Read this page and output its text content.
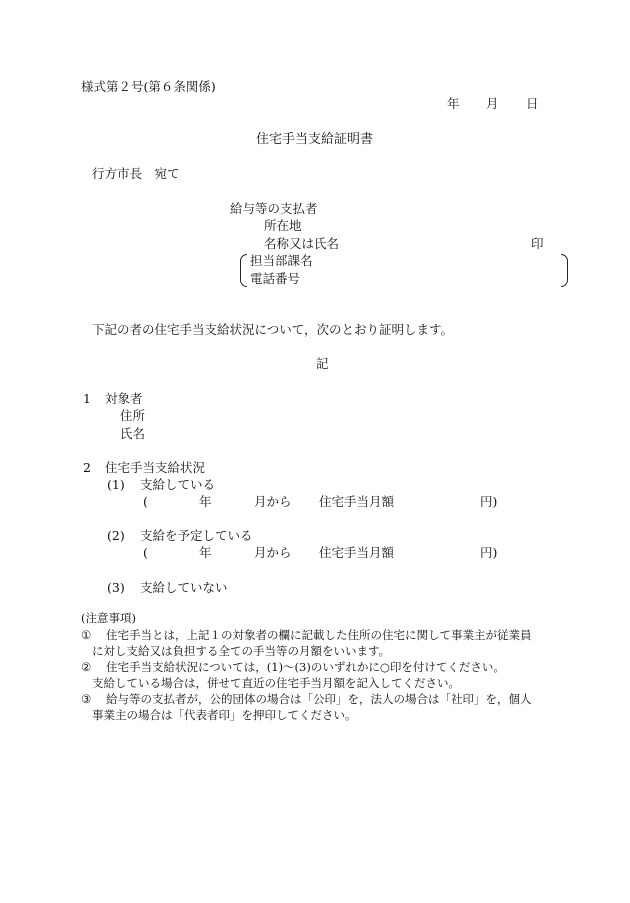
様式第２号(第６条関係)
年 月 日
住宅手当支給証明書
行方市長　宛て
給与等の支払者
所在地
名称又は氏名	印
担当部課名
電話番号
下記の者の住宅手当支給状況について，次のとおり証明します。
記
1 対象者
住所
氏名
2 住宅手当支給状況
(1) 支給している
(	年	月から 住宅手当月額	円)
(2) 支給を予定している
(	年	月から 住宅手当月額	円)
(3) 支給していない
(注意事項)
① 住宅手当とは，上記１の対象者の欄に記載した住所の住宅に関して事業主が従業員
に対し支給又は負担する全ての手当等の月額をいいます。
② 住宅手当支給状況については，(1)～(3)のいずれかに○印を付けてください。
支給している場合は，併せて直近の住宅手当月額を記入してください。
③ 給与等の支払者が，公的団体の場合は「公印」を，法人の場合は「社印」を，個人
事業主の場合は「代表者印」を押印してください。
